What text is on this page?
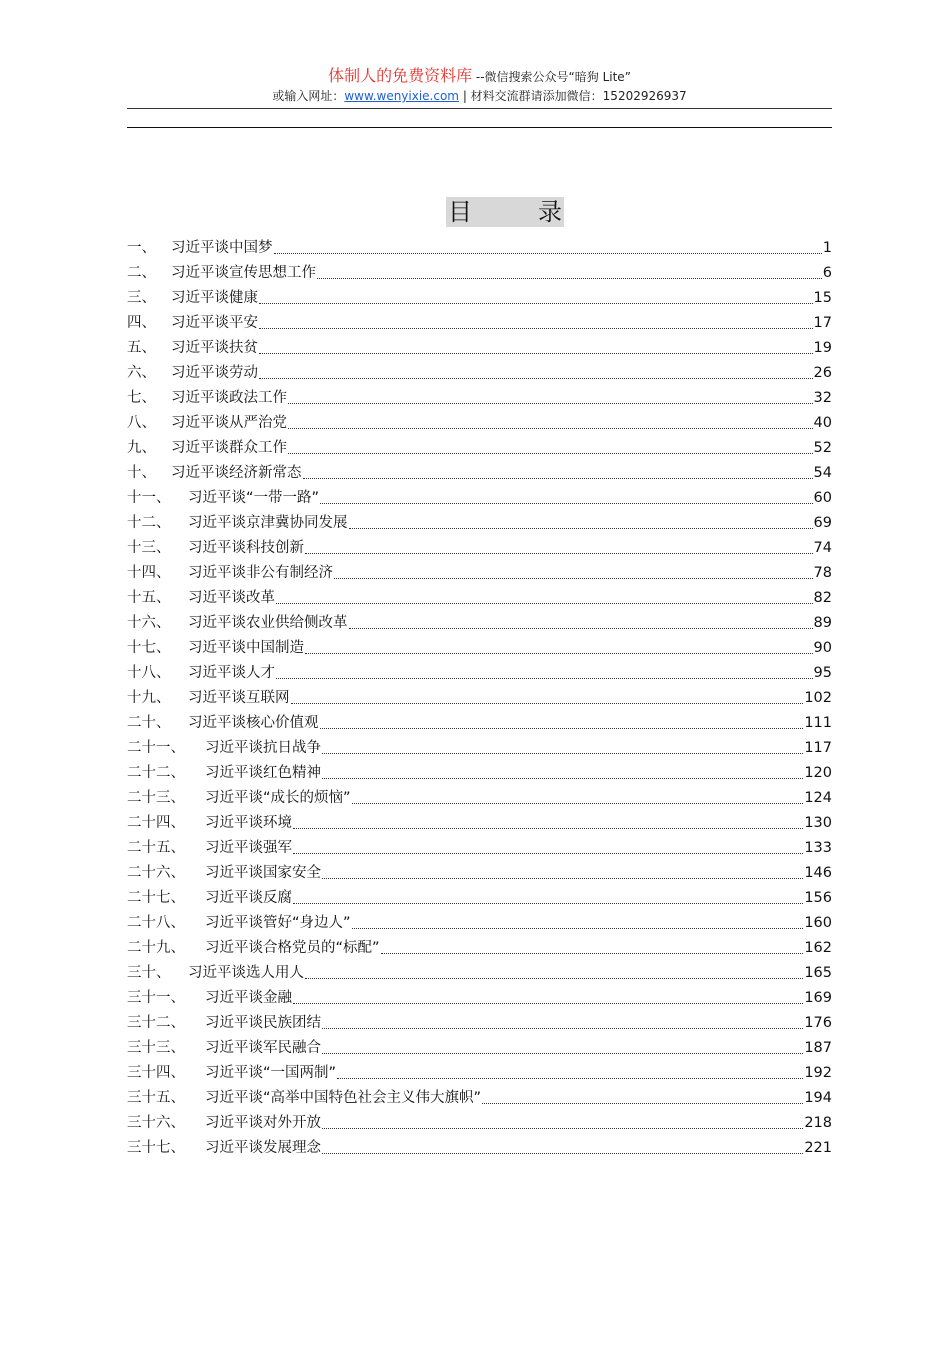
体制人的免费资料库 --微信搜索公众号“暗狗 Lite”
或输入网址：www.wenyixie.com | 材料交流群请添加微信：15202926937
目	录
一、	习近平谈中国梦	1
二、	习近平谈宣传思想工作	6
三、	习近平谈健康	15
四、	习近平谈平安	17
五、	习近平谈扶贫	19
六、	习近平谈劳动	26
七、	习近平谈政法工作	32
八、	习近平谈从严治党	40
九、	习近平谈群众工作	52
十、	习近平谈经济新常态	54
十一、	习近平谈“一带一路”	60
十二、	习近平谈京津冀协同发展	69
十三、	习近平谈科技创新	74
十四、	习近平谈非公有制经济	78
十五、	习近平谈改革	82
十六、	习近平谈农业供给侧改革	89
十七、	习近平谈中国制造	90
十八、	习近平谈人才	95
十九、	习近平谈互联网	102
二十、	习近平谈核心价值观	111
二十一、	习近平谈抗日战争	117
二十二、	习近平谈红色精神	120
二十三、	习近平谈“成长的烦恼”	124
二十四、	习近平谈环境	130
二十五、	习近平谈强军	133
二十六、	习近平谈国家安全	146
二十七、	习近平谈反腐	156
二十八、	习近平谈管好“身边人”	160
二十九、	习近平谈合格党员的“标配”	162
三十、	习近平谈选人用人	165
三十一、	习近平谈金融	169
三十二、	习近平谈民族团结	176
三十三、	习近平谈军民融合	187
三十四、	习近平谈“一国两制”	192
三十五、	习近平谈“高举中国特色社会主义伟大旗帜”	194
三十六、	习近平谈对外开放	218
三十七、	习近平谈发展理念	221
